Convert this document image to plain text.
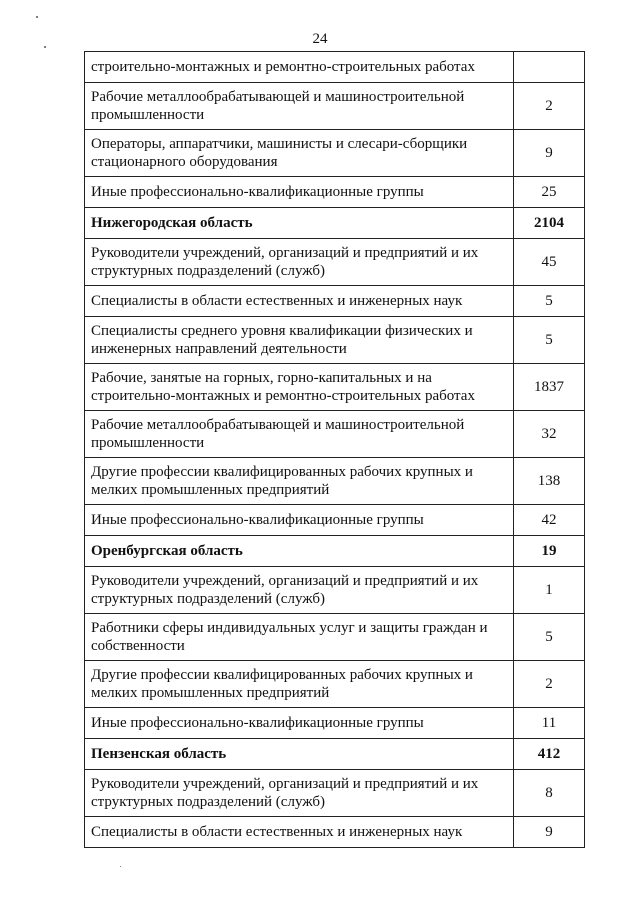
24
строительно-монтажных и ремонтно-строительных работах	
Рабочие металлообрабатывающей и машиностроительной промышленности	2
Операторы, аппаратчики, машинисты и слесари-сборщики стационарного оборудования	9
Иные профессионально-квалификационные группы	25
Нижегородская область	2104
Руководители учреждений, организаций и предприятий и их структурных подразделений (служб)	45
Специалисты в области естественных и инженерных наук	5
Специалисты среднего уровня квалификации физических и инженерных направлений деятельности	5
Рабочие, занятые на горных, горно-капитальных и на строительно-монтажных и ремонтно-строительных работах	1837
Рабочие металлообрабатывающей и машиностроительной промышленности	32
Другие профессии квалифицированных рабочих крупных и мелких промышленных предприятий	138
Иные профессионально-квалификационные группы	42
Оренбургская область	19
Руководители учреждений, организаций и предприятий и их структурных подразделений (служб)	1
Работники сферы индивидуальных услуг и защиты граждан и собственности	5
Другие профессии квалифицированных рабочих крупных и мелких промышленных предприятий	2
Иные профессионально-квалификационные группы	11
Пензенская область	412
Руководители учреждений, организаций и предприятий и их структурных подразделений (служб)	8
Специалисты в области естественных и инженерных наук	9
